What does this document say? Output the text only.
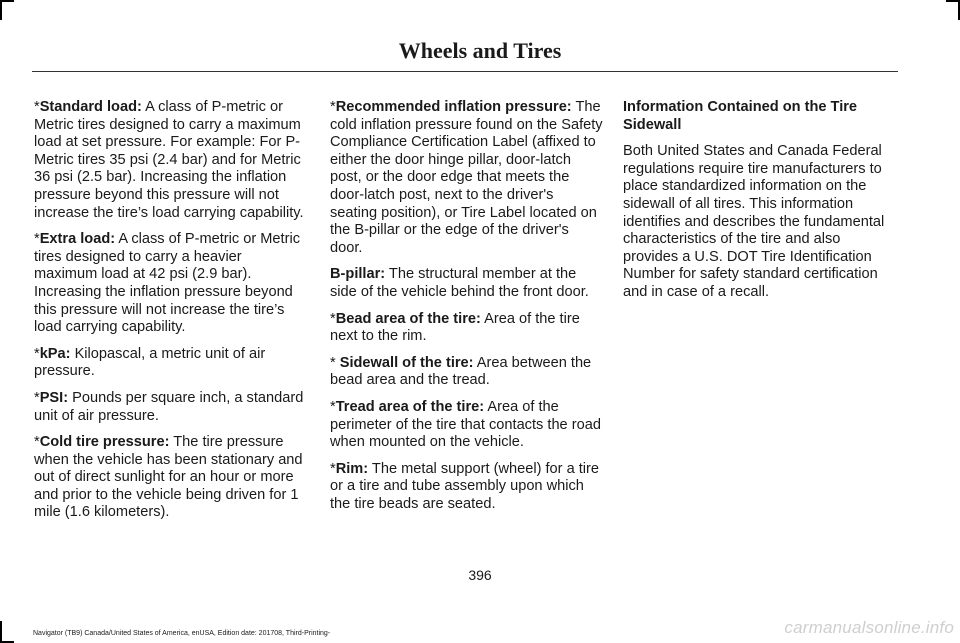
Wheels and Tires

*Standard load: A class of P-metric or Metric tires designed to carry a maximum load at set pressure. For example: For P-Metric tires 35 psi (2.4 bar) and for Metric 36 psi (2.5 bar). Increasing the inflation pressure beyond this pressure will not increase the tire’s load carrying capability.

*Extra load: A class of P-metric or Metric tires designed to carry a heavier maximum load at 42 psi (2.9 bar). Increasing the inflation pressure beyond this pressure will not increase the tire’s load carrying capability.

*kPa: Kilopascal, a metric unit of air pressure.

*PSI: Pounds per square inch, a standard unit of air pressure.

*Cold tire pressure: The tire pressure when the vehicle has been stationary and out of direct sunlight for an hour or more and prior to the vehicle being driven for 1 mile (1.6 kilometers).

*Recommended inflation pressure: The cold inflation pressure found on the Safety Compliance Certification Label (affixed to either the door hinge pillar, door-latch post, or the door edge that meets the door-latch post, next to the driver's seating position), or Tire Label located on the B-pillar or the edge of the driver's door.

B-pillar: The structural member at the side of the vehicle behind the front door.

*Bead area of the tire: Area of the tire next to the rim.

* Sidewall of the tire: Area between the bead area and the tread.

*Tread area of the tire: Area of the perimeter of the tire that contacts the road when mounted on the vehicle.

*Rim: The metal support (wheel) for a tire or a tire and tube assembly upon which the tire beads are seated.

Information Contained on the Tire Sidewall

Both United States and Canada Federal regulations require tire manufacturers to place standardized information on the sidewall of all tires. This information identifies and describes the fundamental characteristics of the tire and also provides a U.S. DOT Tire Identification Number for safety standard certification and in case of a recall.

396
Navigator (TB9) Canada/United States of America, enUSA, Edition date: 201708, Third-Printing-	carmanualsonline.info
